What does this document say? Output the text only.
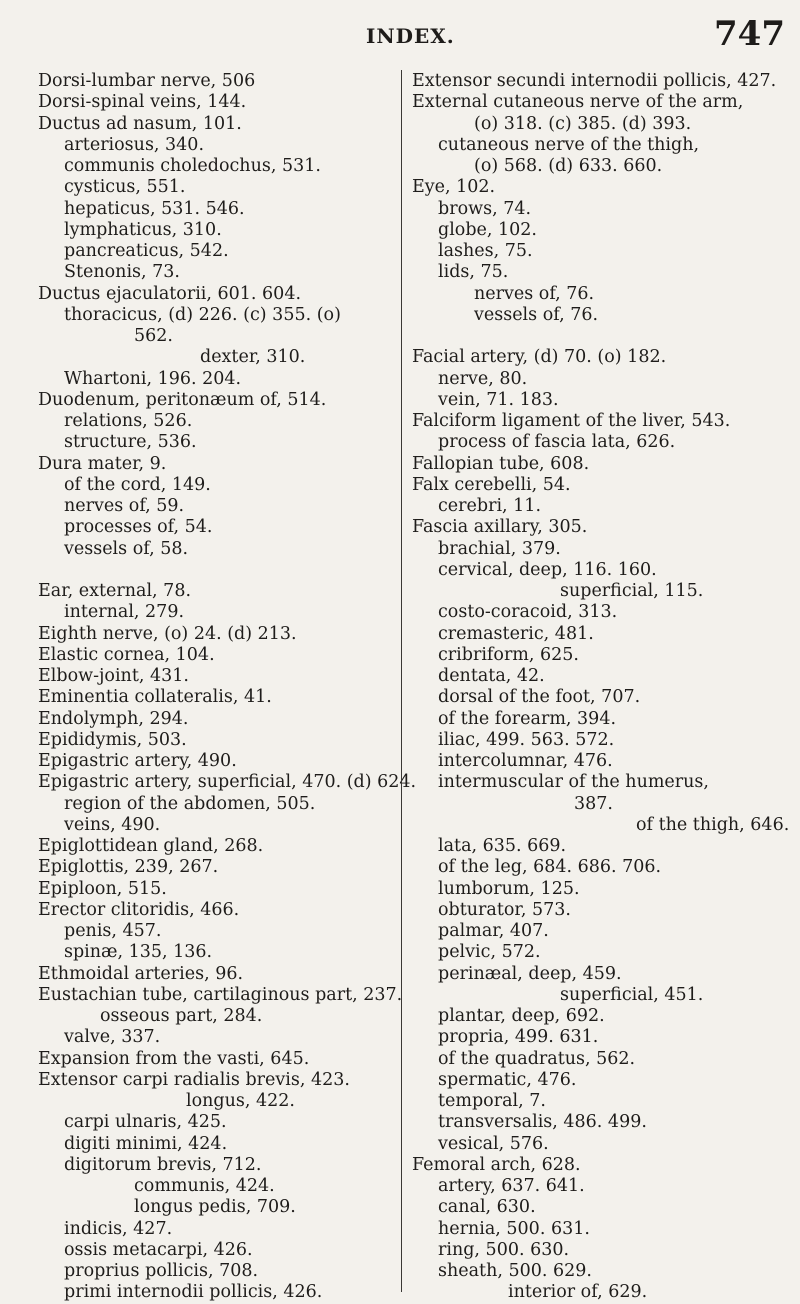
INDEX.	747
Dorsi-lumbar nerve, 506
Dorsi-spinal veins, 144.
Ductus ad nasum, 101.
arteriosus, 340.
communis choledochus, 531.
cysticus, 551.
hepaticus, 531. 546.
lymphaticus, 310.
pancreaticus, 542.
Stenonis, 73.
Ductus ejaculatorii, 601. 604.
thoracicus, (d) 226. (c) 355. (o)
562.
dexter, 310.
Whartoni, 196. 204.
Duodenum, peritonæum of, 514.
relations, 526.
structure, 536.
Dura mater, 9.
of the cord, 149.
nerves of, 59.
processes of, 54.
vessels of, 58.
Ear, external, 78.
internal, 279.
Eighth nerve, (o) 24. (d) 213.
Elastic cornea, 104.
Elbow-joint, 431.
Eminentia collateralis, 41.
Endolymph, 294.
Epididymis, 503.
Epigastric artery, 490.
Epigastric artery, superficial, 470. (d) 624.
region of the abdomen, 505.
veins, 490.
Epiglottidean gland, 268.
Epiglottis, 239, 267.
Epiploon, 515.
Erector clitoridis, 466.
penis, 457.
spinæ, 135, 136.
Ethmoidal arteries, 96.
Eustachian tube, cartilaginous part, 237.
osseous part, 284.
valve, 337.
Expansion from the vasti, 645.
Extensor carpi radialis brevis, 423.
longus, 422.
carpi ulnaris, 425.
digiti minimi, 424.
digitorum brevis, 712.
communis, 424.
longus pedis, 709.
indicis, 427.
ossis metacarpi, 426.
proprius pollicis, 708.
primi internodii pollicis, 426.
Extensor secundi internodii pollicis, 427.
External cutaneous nerve of the arm,
(o) 318. (c) 385. (d) 393.
cutaneous nerve of the thigh,
(o) 568. (d) 633. 660.
Eye, 102.
brows, 74.
globe, 102.
lashes, 75.
lids, 75.
nerves of, 76.
vessels of, 76.
Facial artery, (d) 70. (o) 182.
nerve, 80.
vein, 71. 183.
Falciform ligament of the liver, 543.
process of fascia lata, 626.
Fallopian tube, 608.
Falx cerebelli, 54.
cerebri, 11.
Fascia axillary, 305.
brachial, 379.
cervical, deep, 116. 160.
superficial, 115.
costo-coracoid, 313.
cremasteric, 481.
cribriform, 625.
dentata, 42.
dorsal of the foot, 707.
of the forearm, 394.
iliac, 499. 563. 572.
intercolumnar, 476.
intermuscular of the humerus,
387.
of the thigh, 646.
lata, 635. 669.
of the leg, 684. 686. 706.
lumborum, 125.
obturator, 573.
palmar, 407.
pelvic, 572.
perinæal, deep, 459.
superficial, 451.
plantar, deep, 692.
propria, 499. 631.
of the quadratus, 562.
spermatic, 476.
temporal, 7.
transversalis, 486. 499.
vesical, 576.
Femoral arch, 628.
artery, 637. 641.
canal, 630.
hernia, 500. 631.
ring, 500. 630.
sheath, 500. 629.
interior of, 629.
